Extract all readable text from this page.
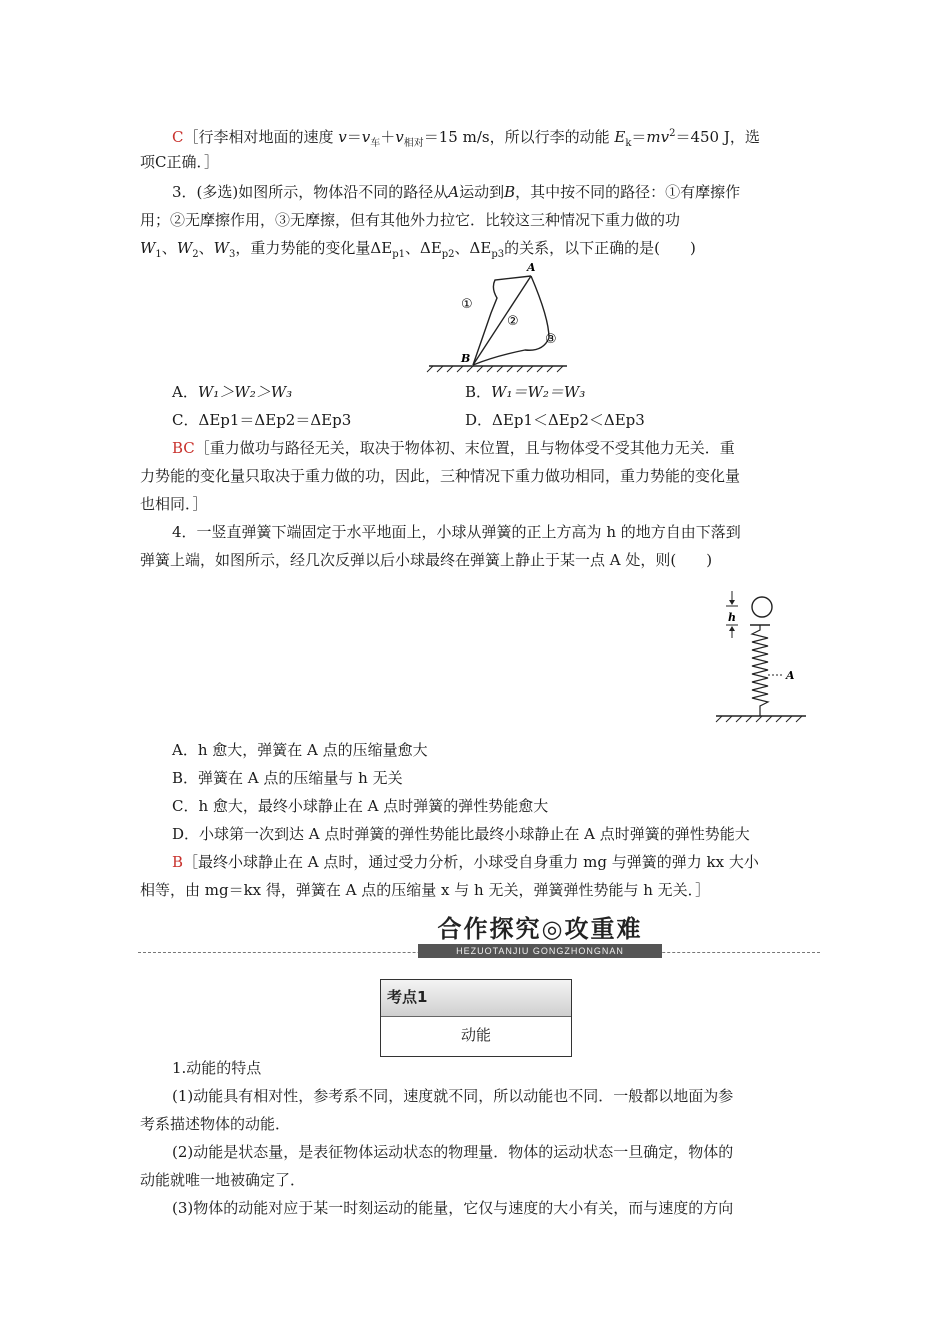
C［行李相对地面的速度 $v=v_车+v_{相对}=15$ m/s，所以行李的动能 $E_k=mv^2=450$ J，选
项C正确．］
3．(多选)如图所示，物体沿不同的路径从A运动到B，其中按不同的路径：①有摩擦作
用；②无摩擦作用，③无摩擦，但有其他外力拉它．比较这三种情况下重力做的功
$W_1$、$W_2$、$W_3$，重力势能的变化量$\Delta E_{p1}$、$\Delta E_{p2}$、$\Delta E_{p3}$的关系，以下正确的是(　　)
A
B
①
②
③
A．W₁＞W₂＞W₃	B．W₁＝W₂＝W₃
C．ΔEp1＝ΔEp2＝ΔEp3	D．ΔEp1＜ΔEp2＜ΔEp3
BC［重力做功与路径无关，取决于物体初、末位置，且与物体受不受其他力无关．重
力势能的变化量只取决于重力做的功，因此，三种情况下重力做功相同，重力势能的变化量
也相同．］
4．一竖直弹簧下端固定于水平地面上，小球从弹簧的正上方高为 h 的地方自由下落到
弹簧上端，如图所示，经几次反弹以后小球最终在弹簧上静止于某一点 A 处，则(　　)
h
A
A．h 愈大，弹簧在 A 点的压缩量愈大
B．弹簧在 A 点的压缩量与 h 无关
C．h 愈大，最终小球静止在 A 点时弹簧的弹性势能愈大
D．小球第一次到达 A 点时弹簧的弹性势能比最终小球静止在 A 点时弹簧的弹性势能大
B［最终小球静止在 A 点时，通过受力分析，小球受自身重力 mg 与弹簧的弹力 kx 大小
相等，由 mg＝kx 得，弹簧在 A 点的压缩量 x 与 h 无关，弹簧弹性势能与 h 无关．］
合作探究◎攻重难
HEZUOTANJIU GONGZHONGNAN
考点1
动能
1.动能的特点
(1)动能具有相对性，参考系不同，速度就不同，所以动能也不同．一般都以地面为参
考系描述物体的动能．
(2)动能是状态量，是表征物体运动状态的物理量．物体的运动状态一旦确定，物体的
动能就唯一地被确定了．
(3)物体的动能对应于某一时刻运动的能量，它仅与速度的大小有关，而与速度的方向
